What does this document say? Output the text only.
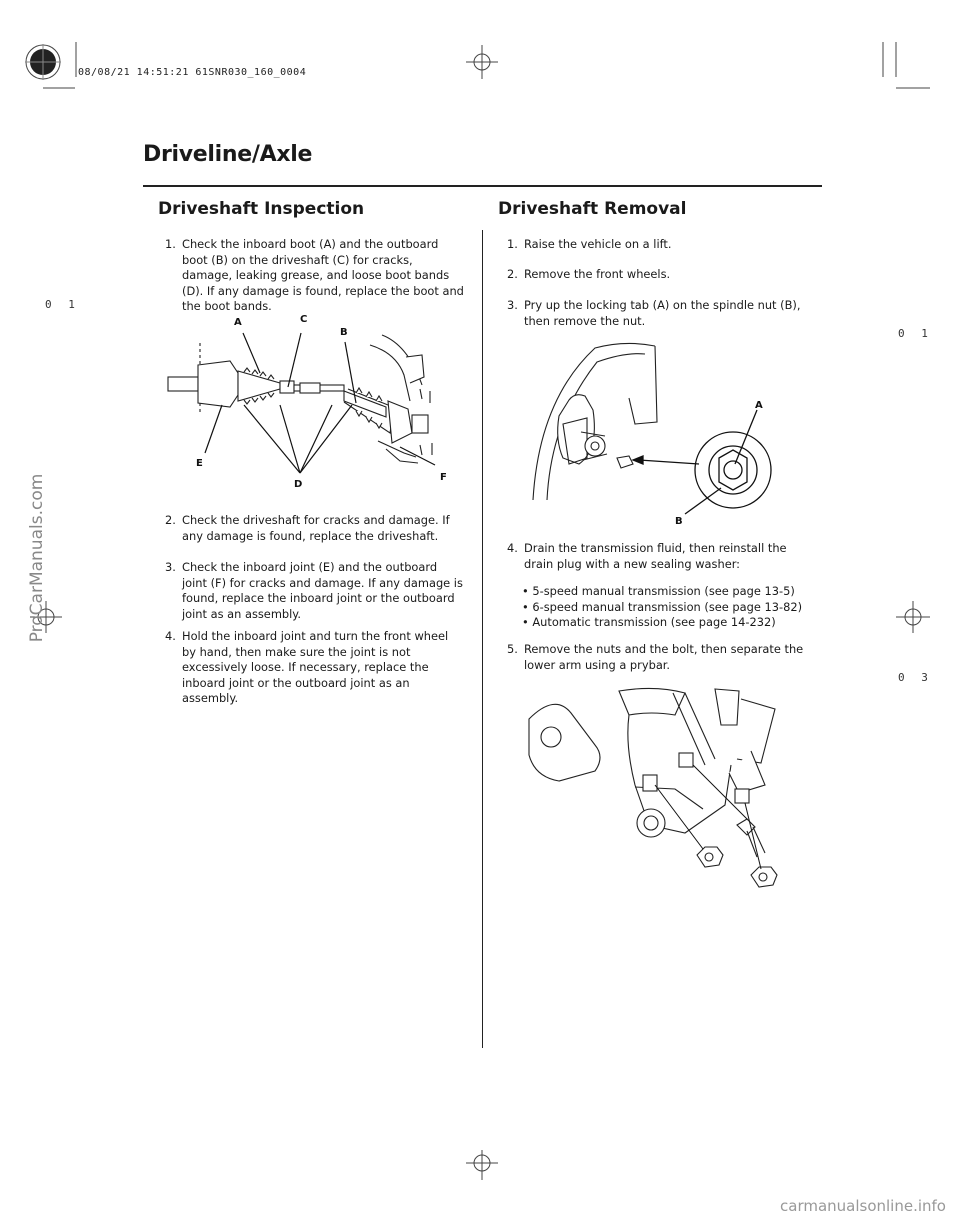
08/08/21 14:51:21 61SNR030_160_0004
Driveline/Axle
Driveshaft Inspection	Driveshaft Removal
0 1
0 1
0 3
1. Check the inboard boot (A) and the outboard boot (B) on the driveshaft (C) for cracks, damage, leaking grease, and loose boot bands (D). If any damage is found, replace the boot and the boot bands.
A	C
B
E
D
F
2. Check the driveshaft for cracks and damage. If any damage is found, replace the driveshaft.
3. Check the inboard joint (E) and the outboard joint (F) for cracks and damage. If any damage is found, replace the inboard joint or the outboard joint as an assembly.
4. Hold the inboard joint and turn the front wheel by hand, then make sure the joint is not excessively loose. If necessary, replace the inboard joint or the outboard joint as an assembly.
1. Raise the vehicle on a lift.
2. Remove the front wheels.
3. Pry up the locking tab (A) on the spindle nut (B), then remove the nut.
A
B
4. Drain the transmission fluid, then reinstall the drain plug with a new sealing washer:
• 5-speed manual transmission (see page 13-5)
• 6-speed manual transmission (see page 13-82)
• Automatic transmission (see page 14-232)
5. Remove the nuts and the bolt, then separate the lower arm using a prybar.
ProCarManuals.com
carmanualsonline.info
